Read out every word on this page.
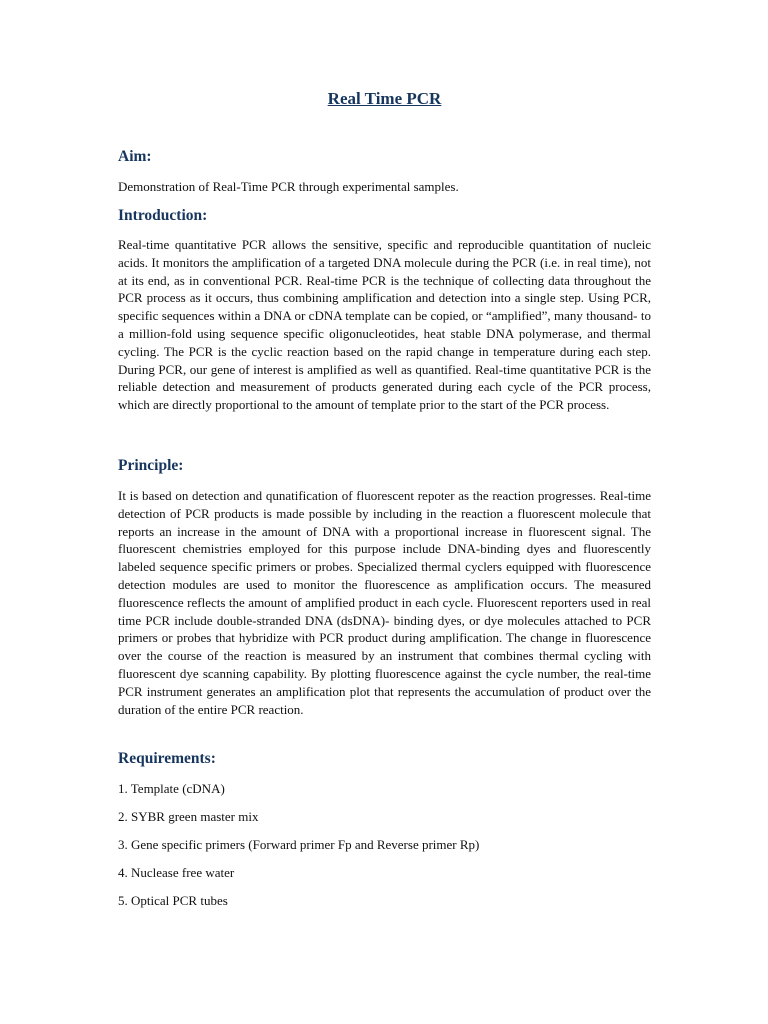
Real Time PCR
Aim:

Demonstration of Real-Time PCR through experimental samples.

Introduction:

Real-time quantitative PCR allows the sensitive, specific and reproducible quantitation of nucleic acids. It monitors the amplification of a targeted DNA molecule during the PCR (i.e. in real time), not at its end, as in conventional PCR. Real-time PCR is the technique of collecting data throughout the PCR process as it occurs, thus combining amplification and detection into a single step. Using PCR, specific sequences within a DNA or cDNA template can be copied, or “amplified”, many thousand- to a million-fold using sequence specific oligonucleotides, heat stable DNA polymerase, and thermal cycling. The PCR is the cyclic reaction based on the rapid change in temperature during each step. During PCR, our gene of interest is amplified as well as quantified. Real-time quantitative PCR is the reliable detection and measurement of products generated during each cycle of the PCR process, which are directly proportional to the amount of template prior to the start of the PCR process.

Principle:

It is based on detection and qunatification of fluorescent repoter as the reaction progresses. Real-time detection of PCR products is made possible by including in the reaction a fluorescent molecule that reports an increase in the amount of DNA with a proportional increase in fluorescent signal. The fluorescent chemistries employed for this purpose include DNA-binding dyes and fluorescently labeled sequence specific primers or probes. Specialized thermal cyclers equipped with fluorescence detection modules are used to monitor the fluorescence as amplification occurs. The measured fluorescence reflects the amount of amplified product in each cycle. Fluorescent reporters used in real time PCR include double-stranded DNA (dsDNA)- binding dyes, or dye molecules attached to PCR primers or probes that hybridize with PCR product during amplification. The change in fluorescence over the course of the reaction is measured by an instrument that combines thermal cycling with fluorescent dye scanning capability. By plotting fluorescence against the cycle number, the real-time PCR instrument generates an amplification plot that represents the accumulation of product over the duration of the entire PCR reaction.

Requirements:
1. Template (cDNA)
2. SYBR green master mix
3. Gene specific primers (Forward primer Fp and Reverse primer Rp)
4. Nuclease free water
5. Optical PCR tubes
